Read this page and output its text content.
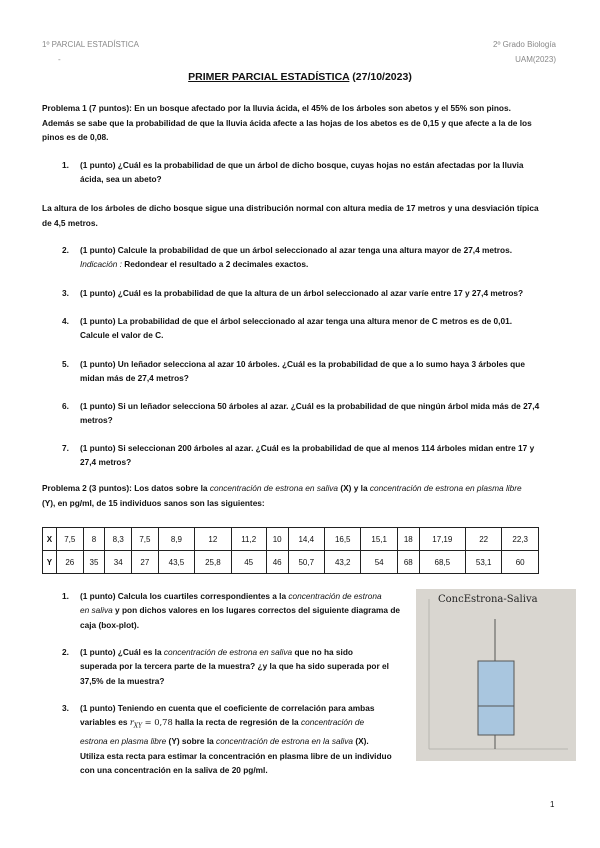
1º PARCIAL ESTADÍSTICA
-
2º Grado Biología
UAM(2023)
PRIMER PARCIAL ESTADÍSTICA (27/10/2023)
Problema 1 (7 puntos): En un bosque afectado por la lluvia ácida, el 45% de los árboles son abetos y el 55% son pinos.
Además se sabe que la probabilidad de que la lluvia ácida afecte a las hojas de los abetos es de 0,15 y que afecte a la de los
pinos es de 0,08.
1. (1 punto) ¿Cuál es la probabilidad de que un árbol de dicho bosque, cuyas hojas no están afectadas por la lluvia
ácida, sea un abeto?
La altura de los árboles de dicho bosque sigue una distribución normal con altura media de 17 metros y una desviación típica
de 4,5 metros.
2. (1 punto) Calcule la probabilidad de que un árbol seleccionado al azar tenga una altura mayor de 27,4 metros.
Indicación : Redondear el resultado a 2 decimales exactos.
3. (1 punto) ¿Cuál es la probabilidad de que la altura de un árbol seleccionado al azar varíe entre 17 y 27,4 metros?
4. (1 punto) La probabilidad de que el árbol seleccionado al azar tenga una altura menor de C metros es de 0,01.
Calcule el valor de C.
5. (1 punto) Un leñador selecciona al azar 10 árboles. ¿Cuál es la probabilidad de que a lo sumo haya 3 árboles que
midan más de 27,4 metros?
6. (1 punto) Si un leñador selecciona 50 árboles al azar. ¿Cuál es la probabilidad de que ningún árbol mida más de 27,4
metros?
7. (1 punto) Si seleccionan 200 árboles al azar. ¿Cuál es la probabilidad de que al menos 114 árboles midan entre 17 y
27,4 metros?
Problema 2 (3 puntos): Los datos sobre la concentración de estrona en saliva (X) y la concentración de estrona en plasma libre
(Y), en pg/ml, de 15 individuos sanos son las siguientes:
X	7,5	8	8,3	7,5	8,9	12	11,2	10	14,4	16,5	15,1	18	17,19	22	22,3
Y	26	35	34	27	43,5	25,8	45	46	50,7	43,2	54	68	68,5	53,1	60
1. (1 punto) Calcula los cuartiles correspondientes a la concentración de estrona
en saliva y pon dichos valores en los lugares correctos del siguiente diagrama de
caja (box-plot).
2. (1 punto) ¿Cuál es la concentración de estrona en saliva que no ha sido
superada por la tercera parte de la muestra? ¿y la que ha sido superada por el
37,5% de la muestra?
3. (1 punto) Teniendo en cuenta que el coeficiente de correlación para ambas
variables es $r_{XY} = 0,78$ halla la recta de regresión de la concentración de
estrona en plasma libre (Y) sobre la concentración de estrona en la saliva (X).
Utiliza esta recta para estimar la concentración en plasma libre de un individuo
con una concentración en la saliva de 20 pg/ml.
ConcEstrona-Saliva
1
